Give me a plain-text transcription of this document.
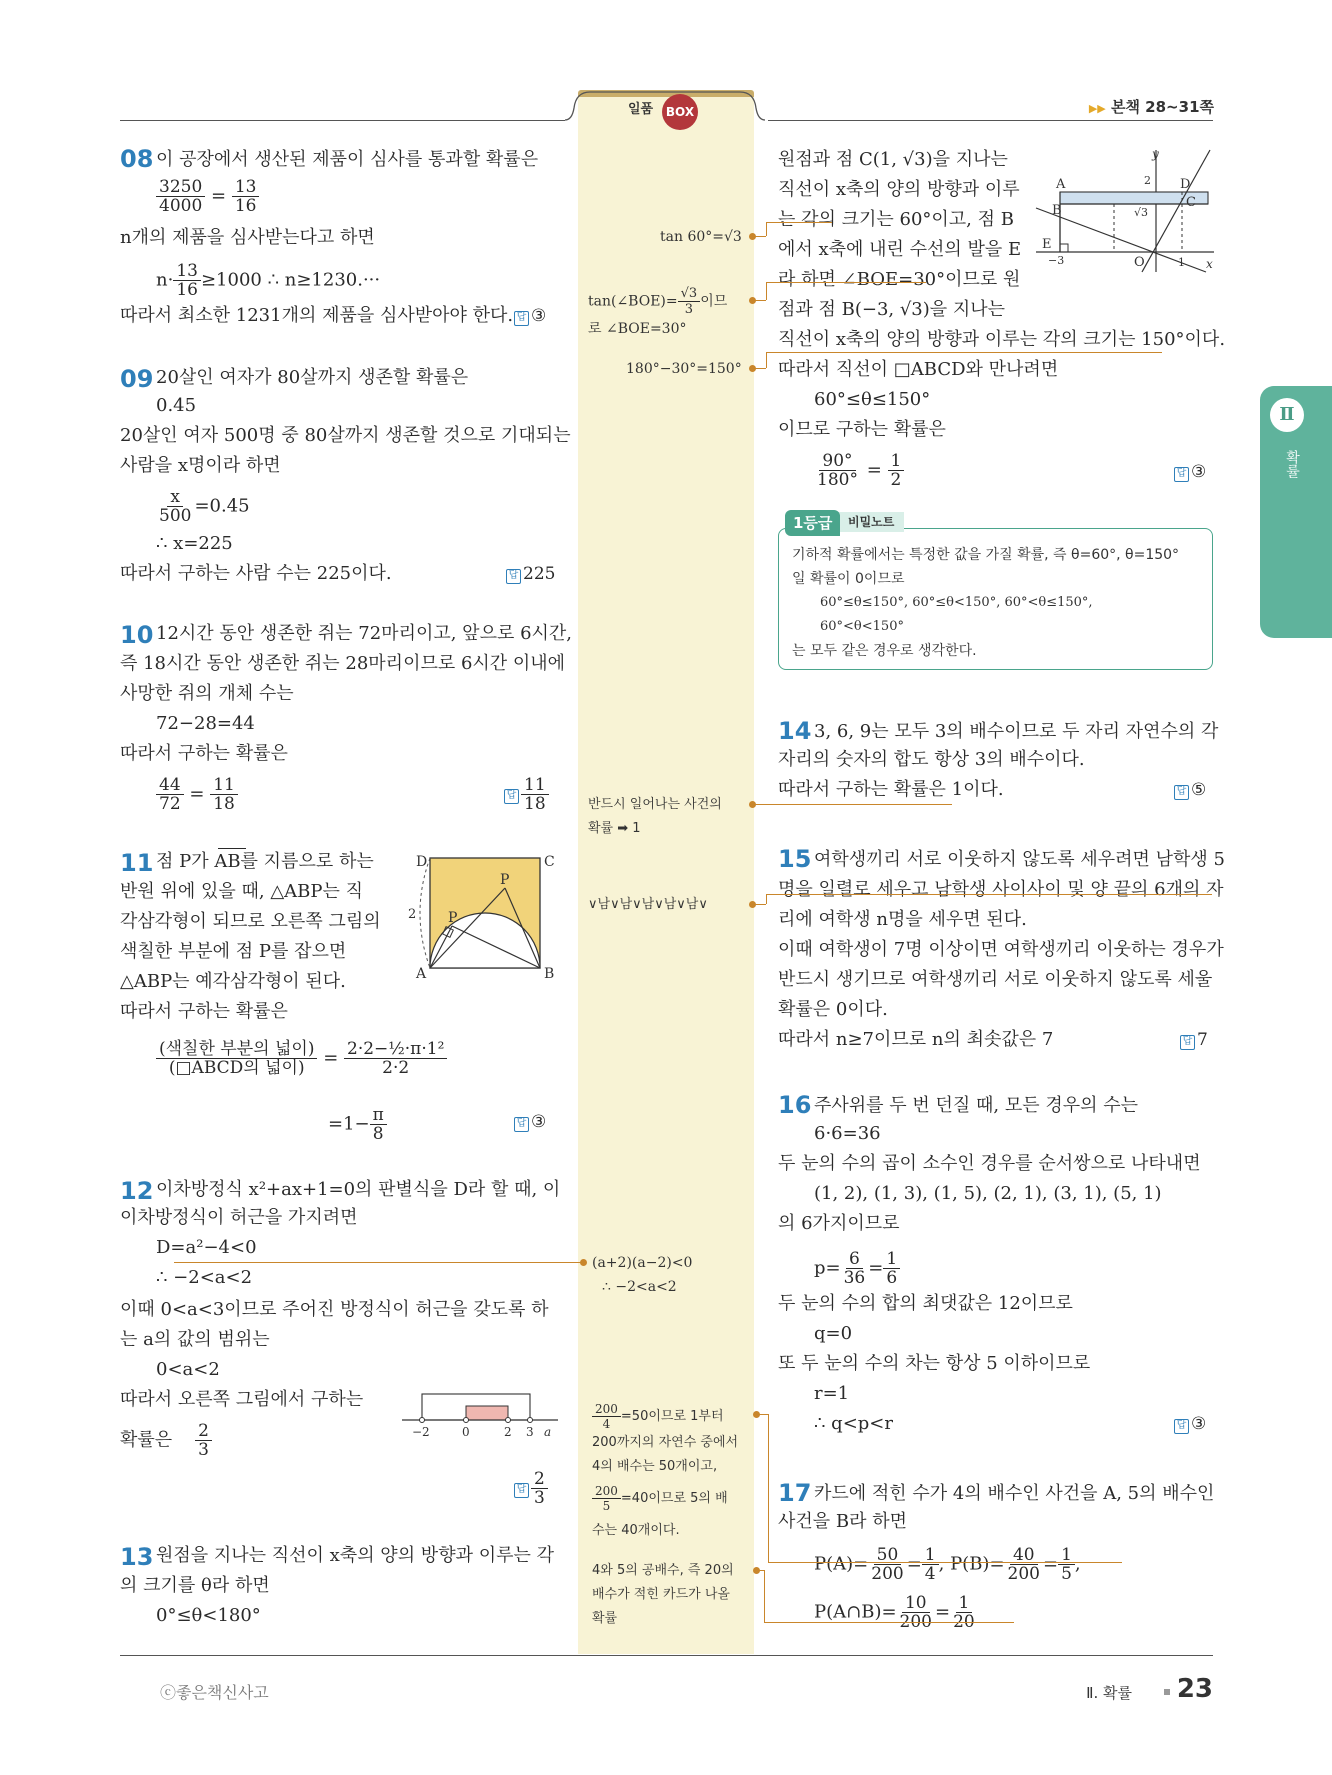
일품	BOX	▶▶ 본책 28~31쪽
Ⅱ
확률
08 이 공장에서 생산된 제품이 심사를 통과할 확률은
$\frac{3250}{4000} = \frac{13}{16}$
n개의 제품을 심사받는다고 하면
$n\cdot \frac{13}{16} \ge 1000$ ∴ n≥1230.···
따라서 최소한 1231개의 제품을 심사받아야 한다. 답 ③
09 20살인 여자가 80살까지 생존할 확률은
0.45
20살인 여자 500명 중 80살까지 생존할 것으로 기대되는
사람을 x명이라 하면
$\frac{x}{500} =0.45$
∴ x=225
따라서 구하는 사람 수는 225이다.	답 225
10 12시간 동안 생존한 쥐는 72마리이고, 앞으로 6시간,
즉 18시간 동안 생존한 쥐는 28마리이므로 6시간 이내에
사망한 쥐의 개체 수는
72−28=44
따라서 구하는 확률은
$\frac{44}{72} = \frac{11}{18}$	답 $\frac{11}{18}$
11 점 P가 AB를 지름으로 하는
반원 위에 있을 때, △ABP는 직
각삼각형이 되므로 오른쪽 그림의
색칠한 부분에 점 P를 잡으면
△ABP는 예각삼각형이 된다.
따라서 구하는 확률은
D	C
A	B
P
P
2
$\frac{\text{(색칠한 부분의 넓이)}}{\text{(□ABCD의 넓이)}} = \frac{\text{2·2−½·π·1²}}{2\cdot 2}$
$=1- \frac{\pi}{8}$	답 ③
12 이차방정식 x²+ax+1=0의 판별식을 D라 할 때, 이
이차방정식이 허근을 가지려면
D=a²−4<0
∴ −2<a<2
이때 0<a<3이므로 주어진 방정식이 허근을 갖도록 하
는 a의 값의 범위는
0<a<2
따라서 오른쪽 그림에서 구하는
확률은 $\frac{2}{3}$	−2	0	2 3 a
답 $\frac{2}{3}$
13 원점을 지나는 직선이 x축의 양의 방향과 이루는 각
의 크기를 θ라 하면
0°≤θ<180°
원점과 점 C(1, √3)을 지나는
직선이 x축의 양의 방향과 이루
는 각의 크기는 60°이고, 점 B
에서 x축에 내린 수선의 발을 E
라 하면 ∠BOE=30°이므로 원
점과 점 B(−3, √3)을 지나는
직선이 x축의 양의 방향과 이루는 각의 크기는 150°이다.
따라서 직선이 □ABCD와 만나려면
60°≤θ≤150°
이므로 구하는 확률은
$\frac{90^\circ}{180^\circ} = \frac{1}{2}$	답 ③
y
x
A
B
C
D
E
O
−3	1
2
√3
비밀노트
1등급
기하적 확률에서는 특정한 값을 가질 확률, 즉 θ=60°, θ=150°
일 확률이 0이므로
60°≤θ≤150°, 60°≤θ<150°, 60°<θ≤150°,
60°<θ<150°
는 모두 같은 경우로 생각한다.
14 3, 6, 9는 모두 3의 배수이므로 두 자리 자연수의 각
자리의 숫자의 합도 항상 3의 배수이다.
따라서 구하는 확률은 1이다.	답 ⑤
15 여학생끼리 서로 이웃하지 않도록 세우려면 남학생 5
명을 일렬로 세우고 남학생 사이사이 및 양 끝의 6개의 자
리에 여학생 n명을 세우면 된다.
이때 여학생이 7명 이상이면 여학생끼리 이웃하는 경우가
반드시 생기므로 여학생끼리 서로 이웃하지 않도록 세울
확률은 0이다.
따라서 n≥7이므로 n의 최솟값은 7	답 7
16 주사위를 두 번 던질 때, 모든 경우의 수는
6·6=36
두 눈의 수의 곱이 소수인 경우를 순서쌍으로 나타내면
(1, 2), (1, 3), (1, 5), (2, 1), (3, 1), (5, 1)
의 6가지이므로
$p= \frac{6}{36} = \frac{1}{6}$
두 눈의 수의 합의 최댓값은 12이므로
q=0
또 두 눈의 수의 차는 항상 5 이하이므로
r=1
∴ q<p<r	답 ③
17 카드에 적힌 수가 4의 배수인 사건을 A, 5의 배수인
사건을 B라 하면
$P(A)= \frac{50}{200} = \frac{1}{4}$ , $P(B)= \frac{40}{200} = \frac{1}{5}$ ,
P(A∩B)= $\frac{10}{200} = \frac{1}{20}$
tan 60°=√3
tan(∠BOE)= $\frac{√3}{3}$ 이므
로 ∠BOE=30°
180°−30°=150°
반드시 일어나는 사건의
확률 ➡ 1
∨남∨남∨남∨남∨남∨
(a+2)(a−2)<0
∴ −2<a<2
$\frac{200}{4} =50$이므로 1부터
200까지의 자연수 중에서
4의 배수는 50개이고,
$\frac{200}{5} =40$이므로 5의 배
수는 40개이다.
4와 5의 공배수, 즉 20의
배수가 적힌 카드가 나올
확률
ⓒ좋은책신사고	Ⅱ. 확률 23
